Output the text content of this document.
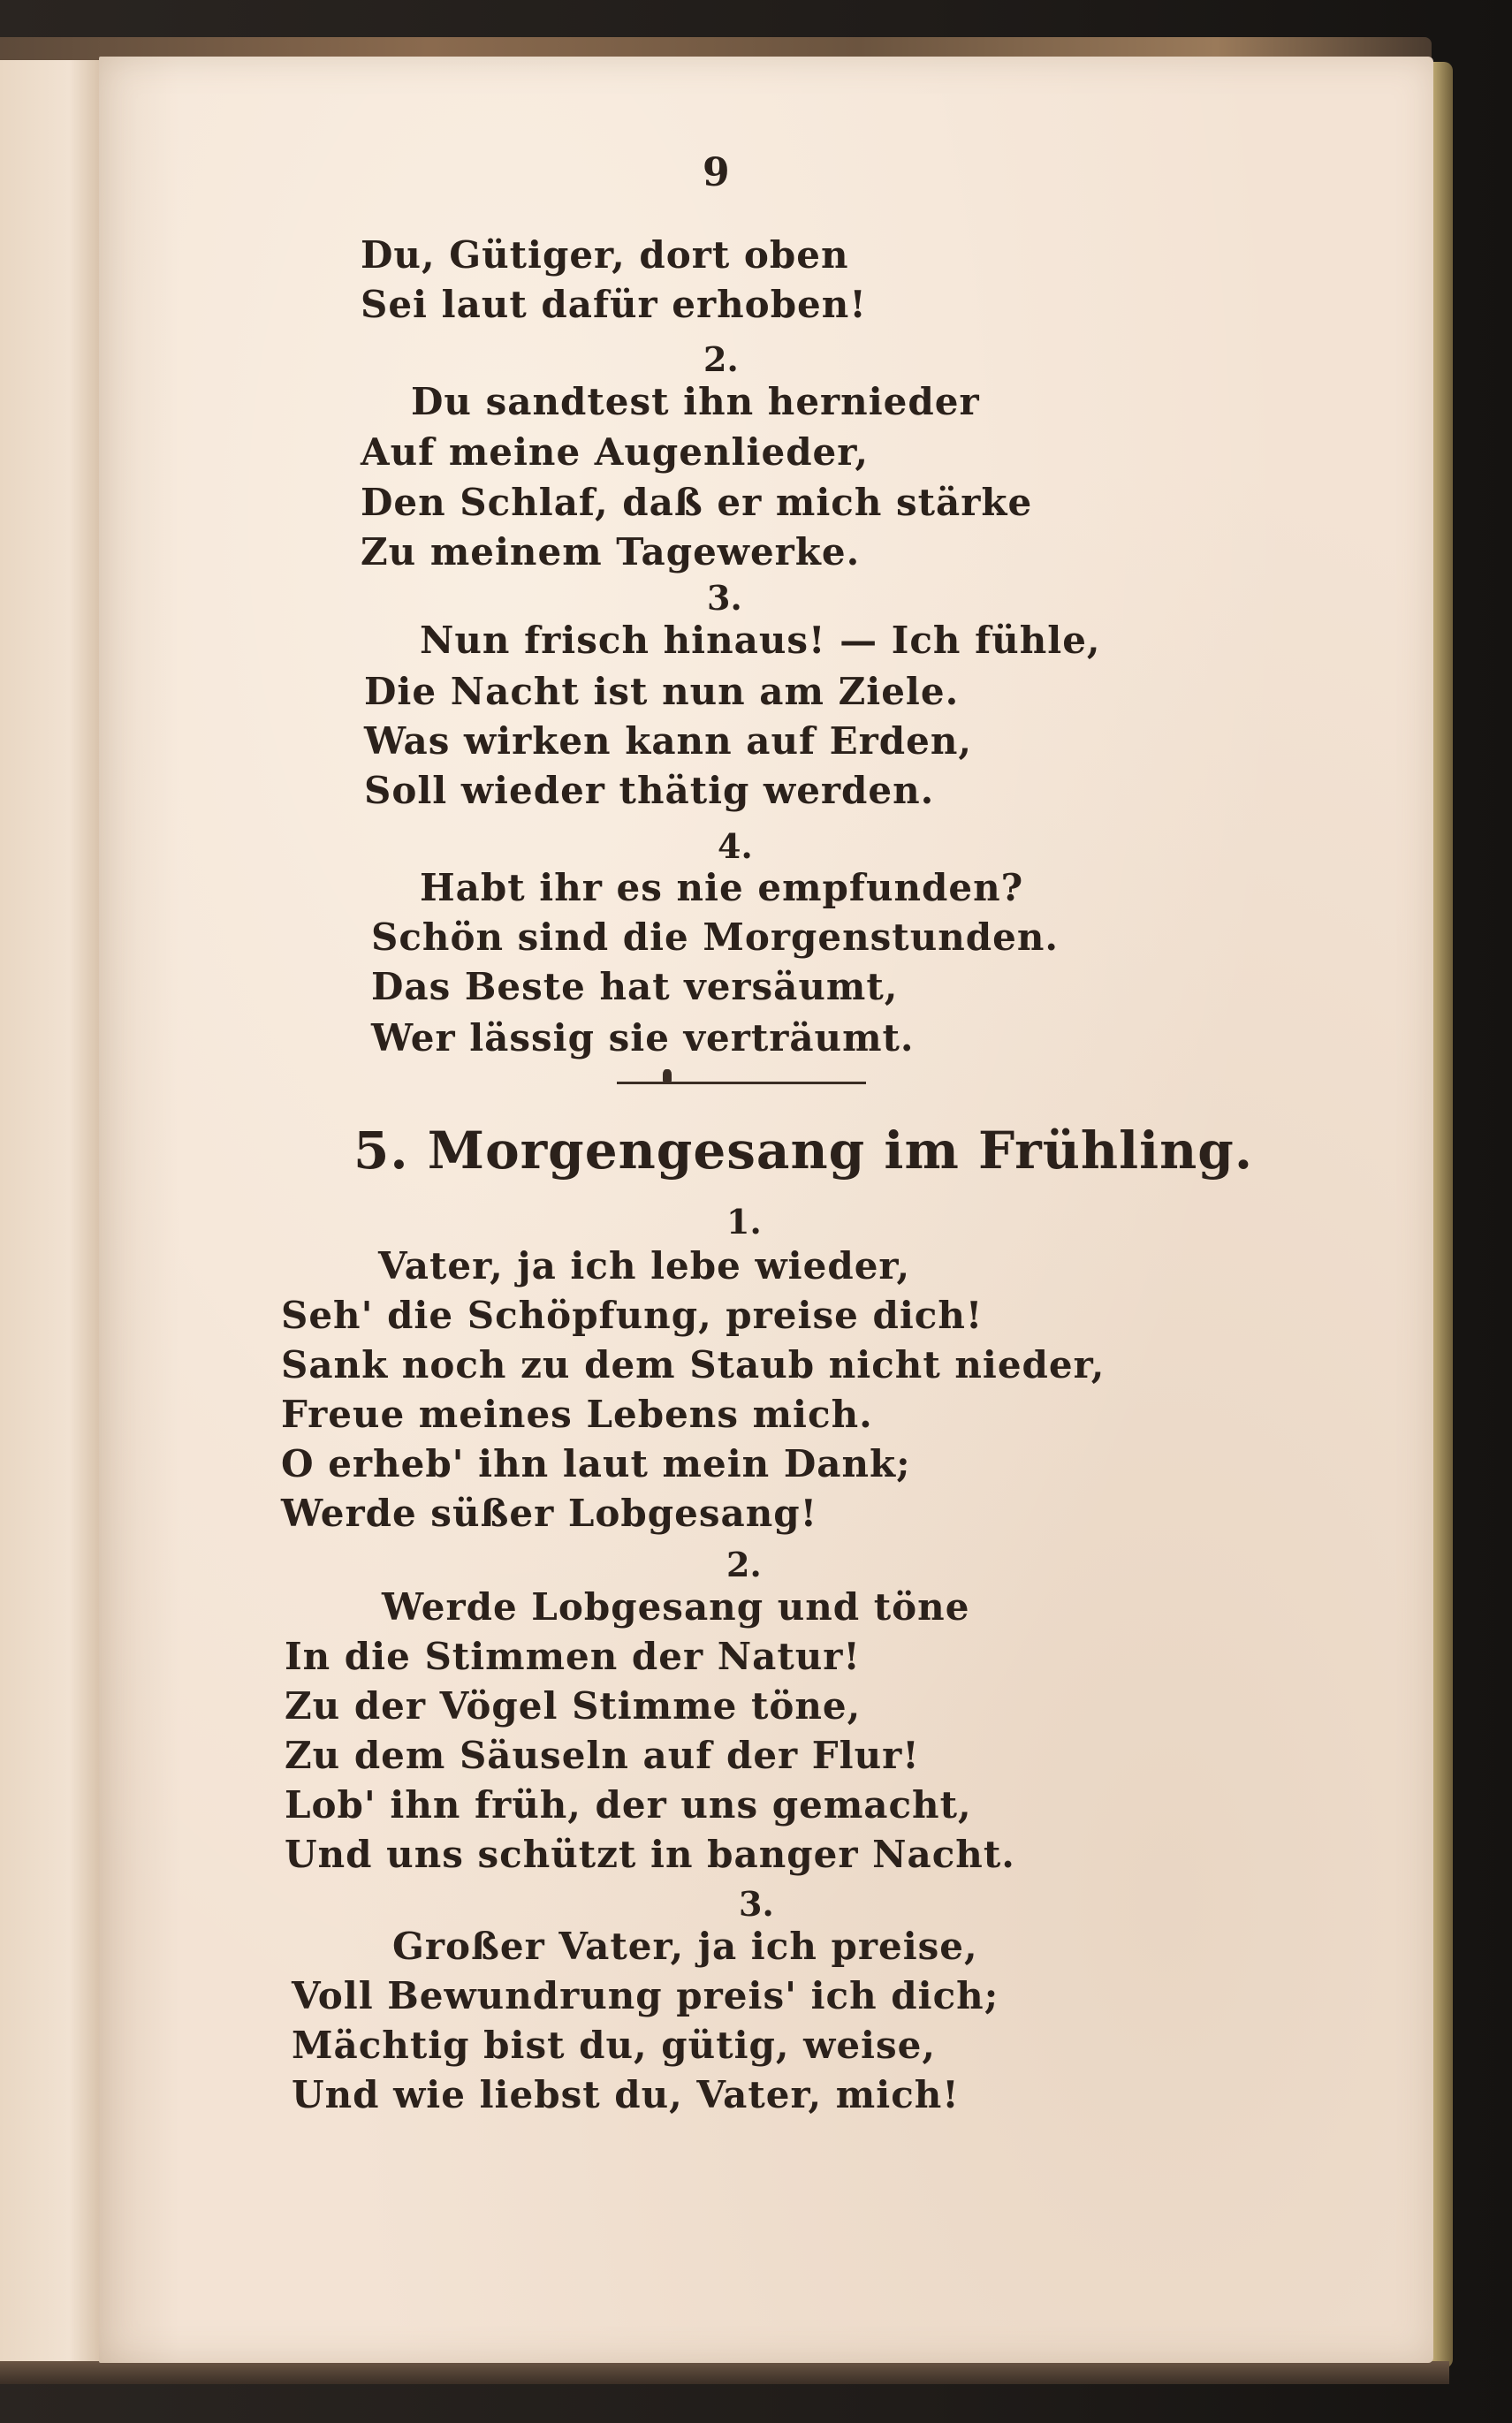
9
Du, Gütiger, dort oben
Sei laut dafür erhoben!
2.
Du sandtest ihn hernieder
Auf meine Augenlieder,
Den Schlaf, daß er mich stärke
Zu meinem Tagewerke.
3.
Nun frisch hinaus! — Ich fühle,
Die Nacht ist nun am Ziele.
Was wirken kann auf Erden,
Soll wieder thätig werden.
4.
Habt ihr es nie empfunden?
Schön sind die Morgenstunden.
Das Beste hat versäumt,
Wer lässig sie verträumt.
5. Morgengesang im Frühling.
1.
Vater, ja ich lebe wieder,
Seh' die Schöpfung, preise dich!
Sank noch zu dem Staub nicht nieder,
Freue meines Lebens mich.
O erheb' ihn laut mein Dank;
Werde süßer Lobgesang!
2.
Werde Lobgesang und töne
In die Stimmen der Natur!
Zu der Vögel Stimme töne,
Zu dem Säuseln auf der Flur!
Lob' ihn früh, der uns gemacht,
Und uns schützt in banger Nacht.
3.
Großer Vater, ja ich preise,
Voll Bewundrung preis' ich dich;
Mächtig bist du, gütig, weise,
Und wie liebst du, Vater, mich!
